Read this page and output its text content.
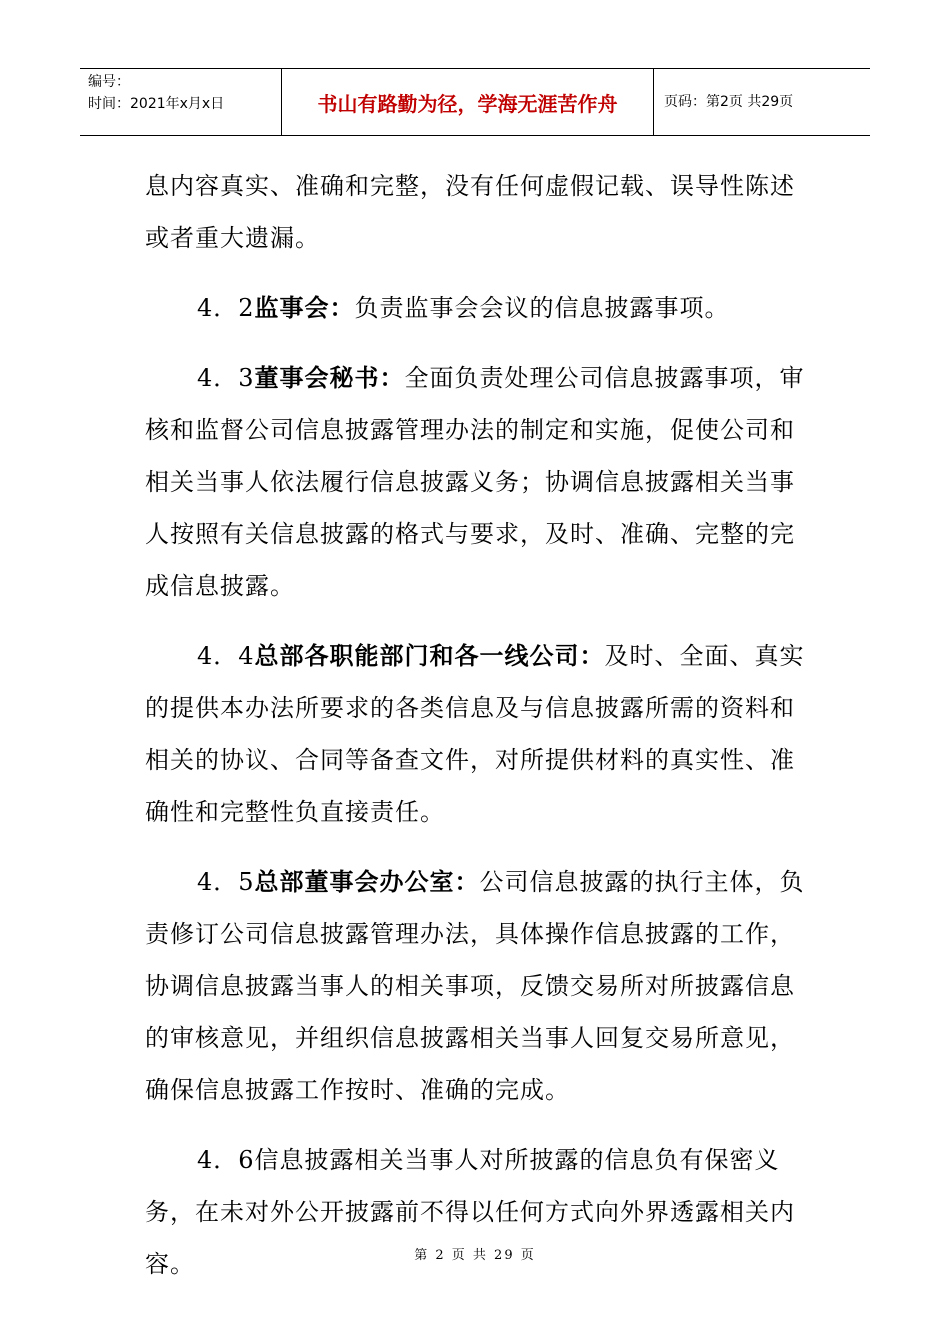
编号：
时间：2021年x月x日	书山有路勤为径，学海无涯苦作舟	页码：第2页 共29页

息内容真实、准确和完整，没有任何虚假记载、误导性陈述或者重大遗漏。

4．2监事会：负责监事会会议的信息披露事项。

4．3董事会秘书：全面负责处理公司信息披露事项，审核和监督公司信息披露管理办法的制定和实施，促使公司和相关当事人依法履行信息披露义务；协调信息披露相关当事人按照有关信息披露的格式与要求，及时、准确、完整的完成信息披露。

4．4总部各职能部门和各一线公司：及时、全面、真实的提供本办法所要求的各类信息及与信息披露所需的资料和相关的协议、合同等备查文件，对所提供材料的真实性、准确性和完整性负直接责任。

4．5总部董事会办公室：公司信息披露的执行主体，负责修订公司信息披露管理办法，具体操作信息披露的工作，协调信息披露当事人的相关事项，反馈交易所对所披露信息的审核意见，并组织信息披露相关当事人回复交易所意见，确保信息披露工作按时、准确的完成。

4．6信息披露相关当事人对所披露的信息负有保密义务，在未对外公开披露前不得以任何方式向外界透露相关内容。	第 2 页 共 29 页
